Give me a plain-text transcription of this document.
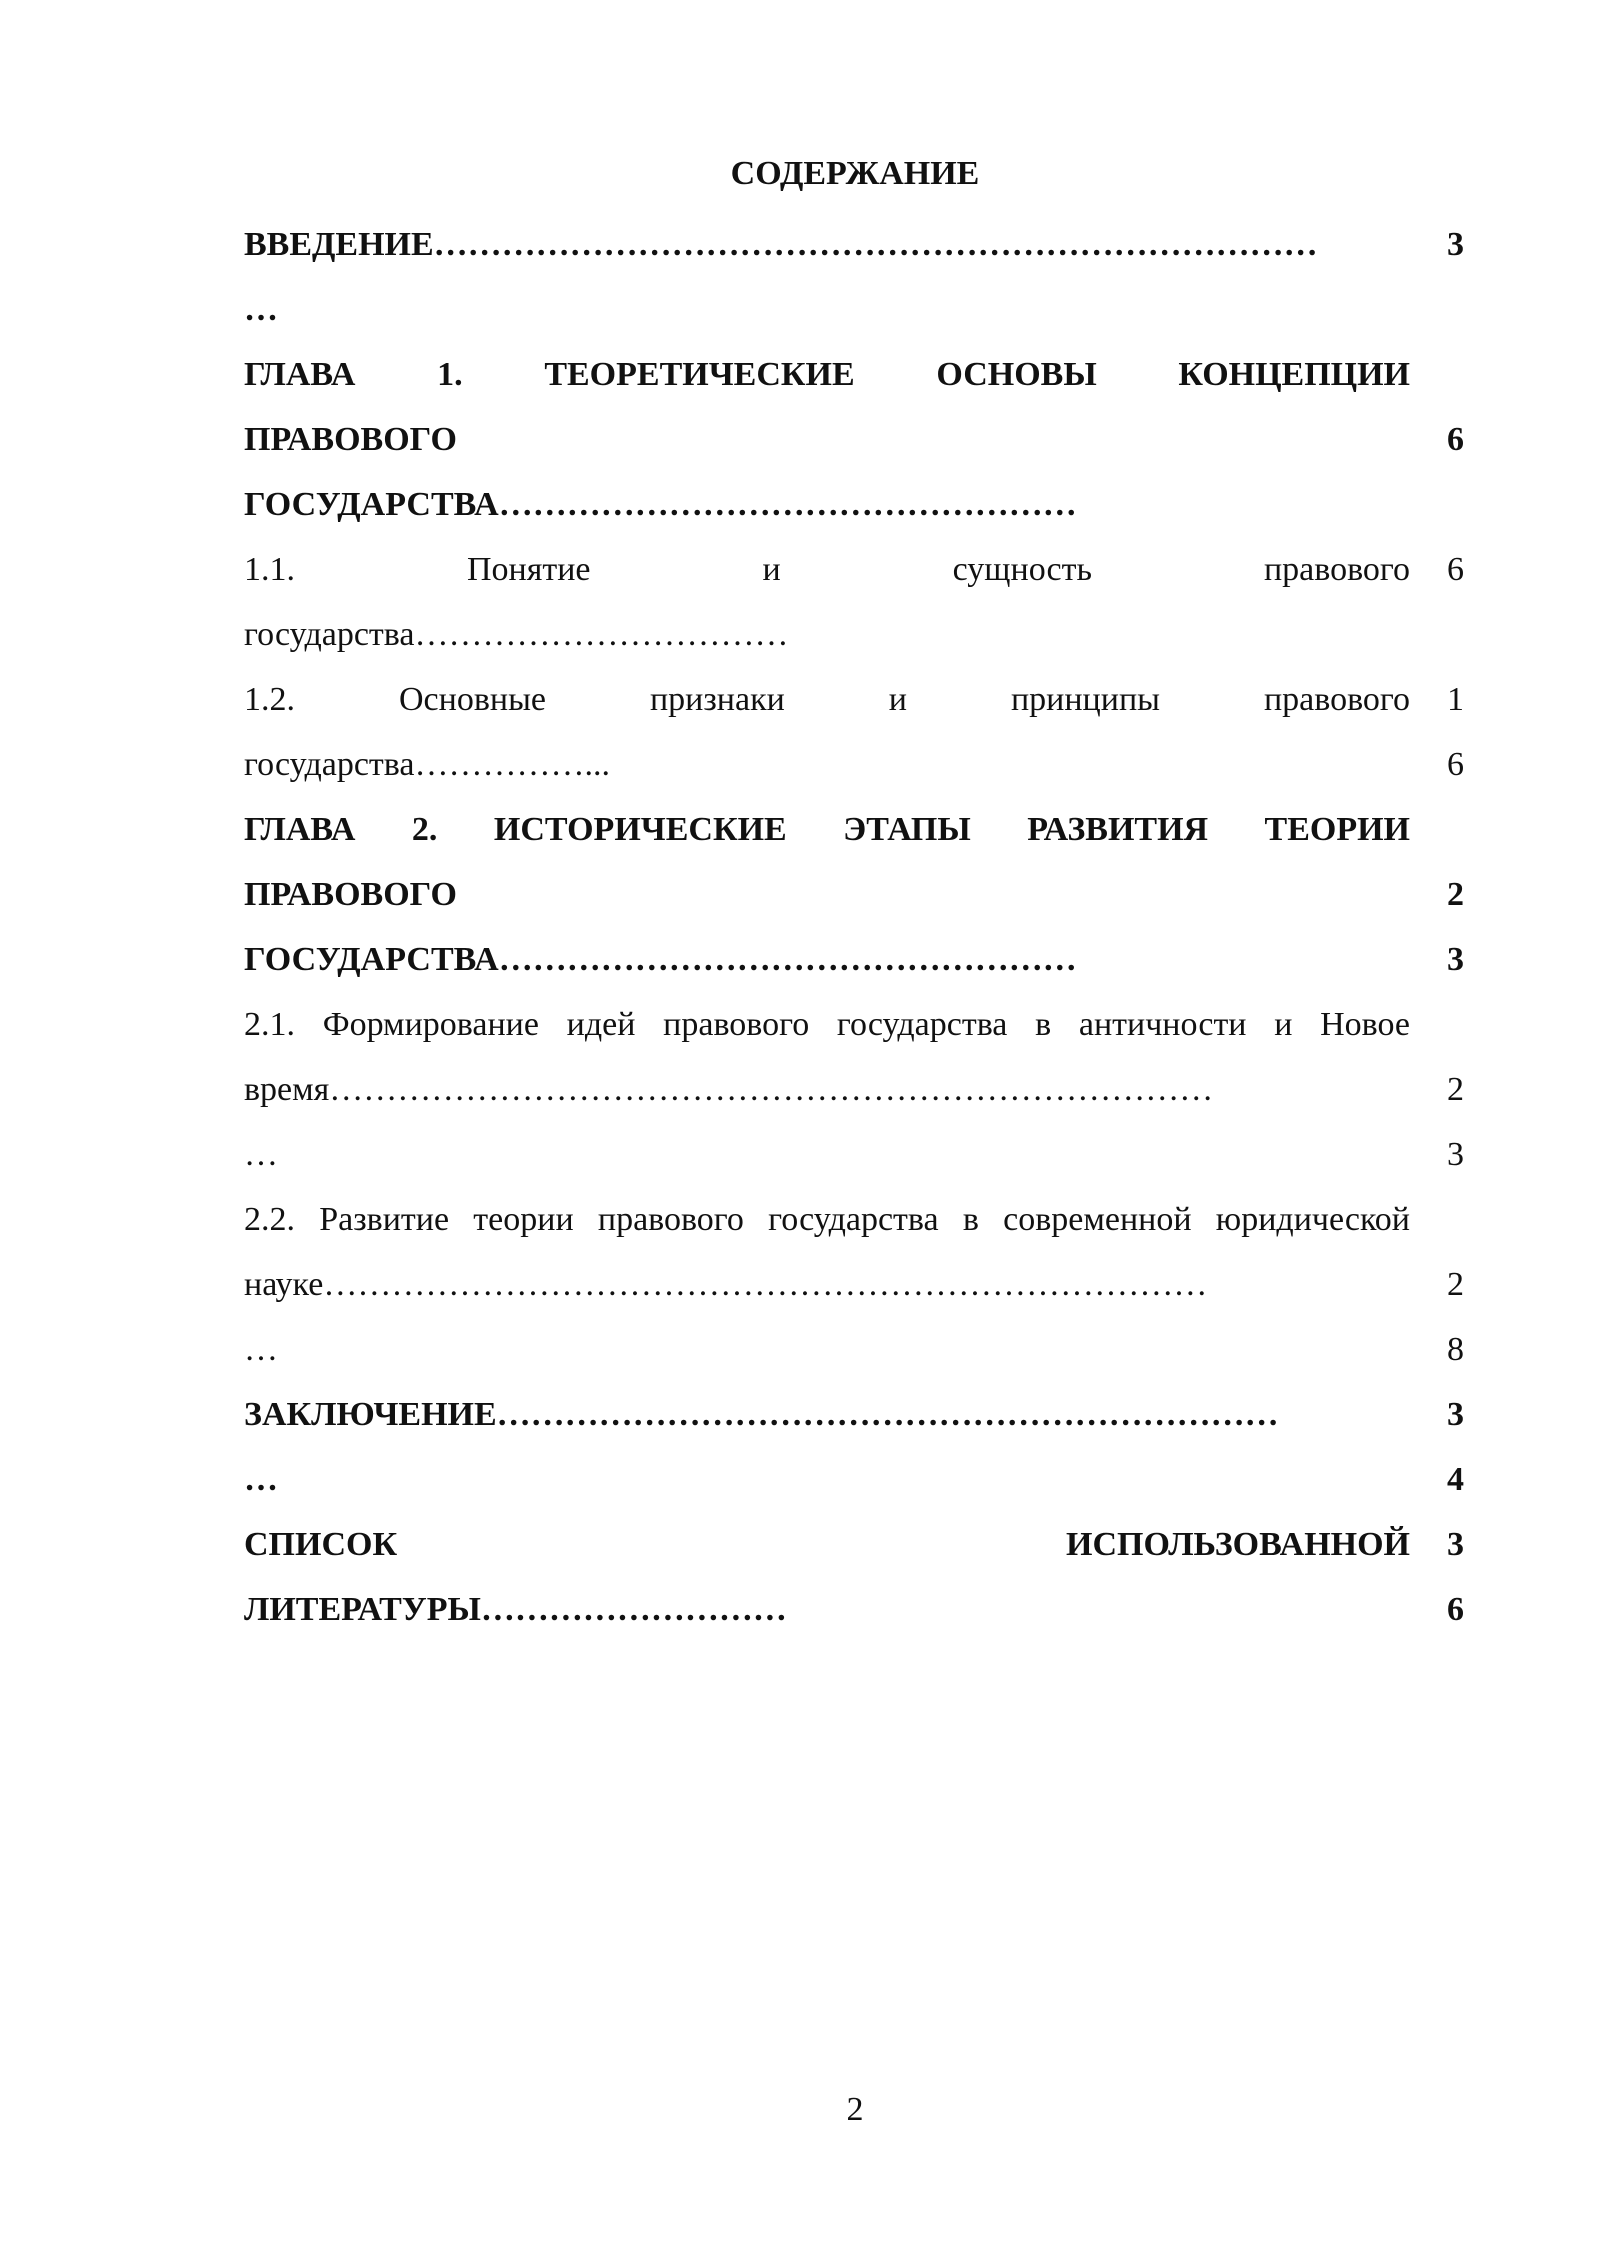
СОДЕРЖАНИЕ
ВВЕДЕНИЕ……………………………………………………………………
…
3
ГЛАВА 1. ТЕОРЕТИЧЕСКИЕ ОСНОВЫ КОНЦЕПЦИИ
ПРАВОВОГО
ГОСУДАРСТВА……………………………………………

6
1.1. Понятие и сущность правового
государства……………………………
6
1.2. Основные признаки и принципы правового
государства……………...
1
6
ГЛАВА 2. ИСТОРИЧЕСКИЕ ЭТАПЫ РАЗВИТИЯ ТЕОРИИ
ПРАВОВОГО
ГОСУДАРСТВА……………………………………………

2
3
2.1. Формирование идей правового государства в античности и Новое
время……………………………………………………………………
…

2
3
2.2. Развитие теории правового государства в современной юридической
науке……………………………………………………………………
…

2
8
ЗАКЛЮЧЕНИЕ……………………………………………………………
…
3
4
СПИСОК ИСПОЛЬЗОВАННОЙ
ЛИТЕРАТУРЫ………………………
3
6
2
